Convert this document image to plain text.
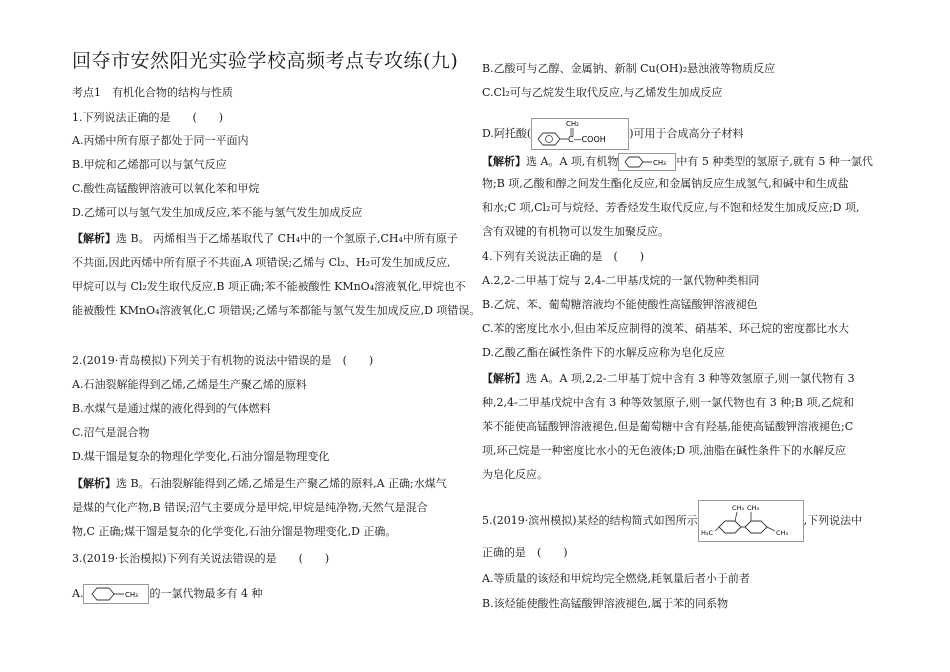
回夺市安然阳光实验学校高频考点专攻练(九)
考点1　有机化合物的结构与性质
1.下列说法正确的是　　(　　)
A.丙烯中所有原子都处于同一平面内
B.甲烷和乙烯都可以与氯气反应
C.酸性高锰酸钾溶液可以氧化苯和甲烷
D.乙烯可以与氢气发生加成反应,苯不能与氢气发生加成反应
【解析】选 B。 丙烯相当于乙烯基取代了 CH₄中的一个氢原子,CH₄中所有原子
不共面,因此丙烯中所有原子不共面,A 项错误;乙烯与 Cl₂、H₂可发生加成反应,
甲烷可以与 Cl₂发生取代反应,B 项正确;苯不能被酸性 KMnO₄溶液氧化,甲烷也不
能被酸性 KMnO₄溶液氧化,C 项错误;乙烯与苯都能与氢气发生加成反应,D 项错误。
2.(2019·青岛模拟)下列关于有机物的说法中错误的是　(　　)
A.石油裂解能得到乙烯,乙烯是生产聚乙烯的原料
B.水煤气是通过煤的液化得到的气体燃料
C.沼气是混合物
D.煤干馏是复杂的物理化学变化,石油分馏是物理变化
【解析】选 B。石油裂解能得到乙烯,乙烯是生产聚乙烯的原料,A 正确;水煤气
是煤的气化产物,B 错误;沼气主要成分是甲烷,甲烷是纯净物,天然气是混合
物,C 正确;煤干馏是复杂的化学变化,石油分馏是物理变化,D 正确。
3.(2019·长治模拟)下列有关说法错误的是　　(　　)
A.	CH₃ 的一氯代物最多有 4 种
B.乙酸可与乙醇、金属钠、新制 Cu(OH)₂悬浊液等物质反应
C.Cl₂可与乙烷发生取代反应,与乙烯发生加成反应
D.阿托酸(
CH₂
C—COOH )可用于合成高分子材料
【解析】选 A。A 项,有机物	CH₃ 中有 5 种类型的氢原子,就有 5 种一氯代
物;B 项,乙酸和醇之间发生酯化反应,和金属钠反应生成氢气,和碱中和生成盐
和水;C 项,Cl₂可与烷烃、芳香烃发生取代反应,与不饱和烃发生加成反应;D 项,
含有双键的有机物可以发生加聚反应。
4.下列有关说法正确的是　(　　)
A.2,2-二甲基丁烷与 2,4-二甲基戊烷的一氯代物种类相同
B.乙烷、苯、葡萄糖溶液均不能使酸性高锰酸钾溶液褪色
C.苯的密度比水小,但由苯反应制得的溴苯、硝基苯、环己烷的密度都比水大
D.乙酸乙酯在碱性条件下的水解反应称为皂化反应
【解析】选 A。A 项,2,2-二甲基丁烷中含有 3 种等效氢原子,则一氯代物有 3
种,2,4-二甲基戊烷中含有 3 种等效氢原子,则一氯代物也有 3 种;B 项,乙烷和
苯不能使高锰酸钾溶液褪色,但是葡萄糖中含有羟基,能使高锰酸钾溶液褪色;C
项,环己烷是一种密度比水小的无色液体;D 项,油脂在碱性条件下的水解反应
为皂化反应。
5.(2019·滨州模拟)某烃的结构简式如图所示
CH₃ CH₃
H₃C	CH₃
,下列说法中
正确的是　(　　)
A.等质量的该烃和甲烷均完全燃烧,耗氧量后者小于前者
B.该烃能使酸性高锰酸钾溶液褪色,属于苯的同系物
